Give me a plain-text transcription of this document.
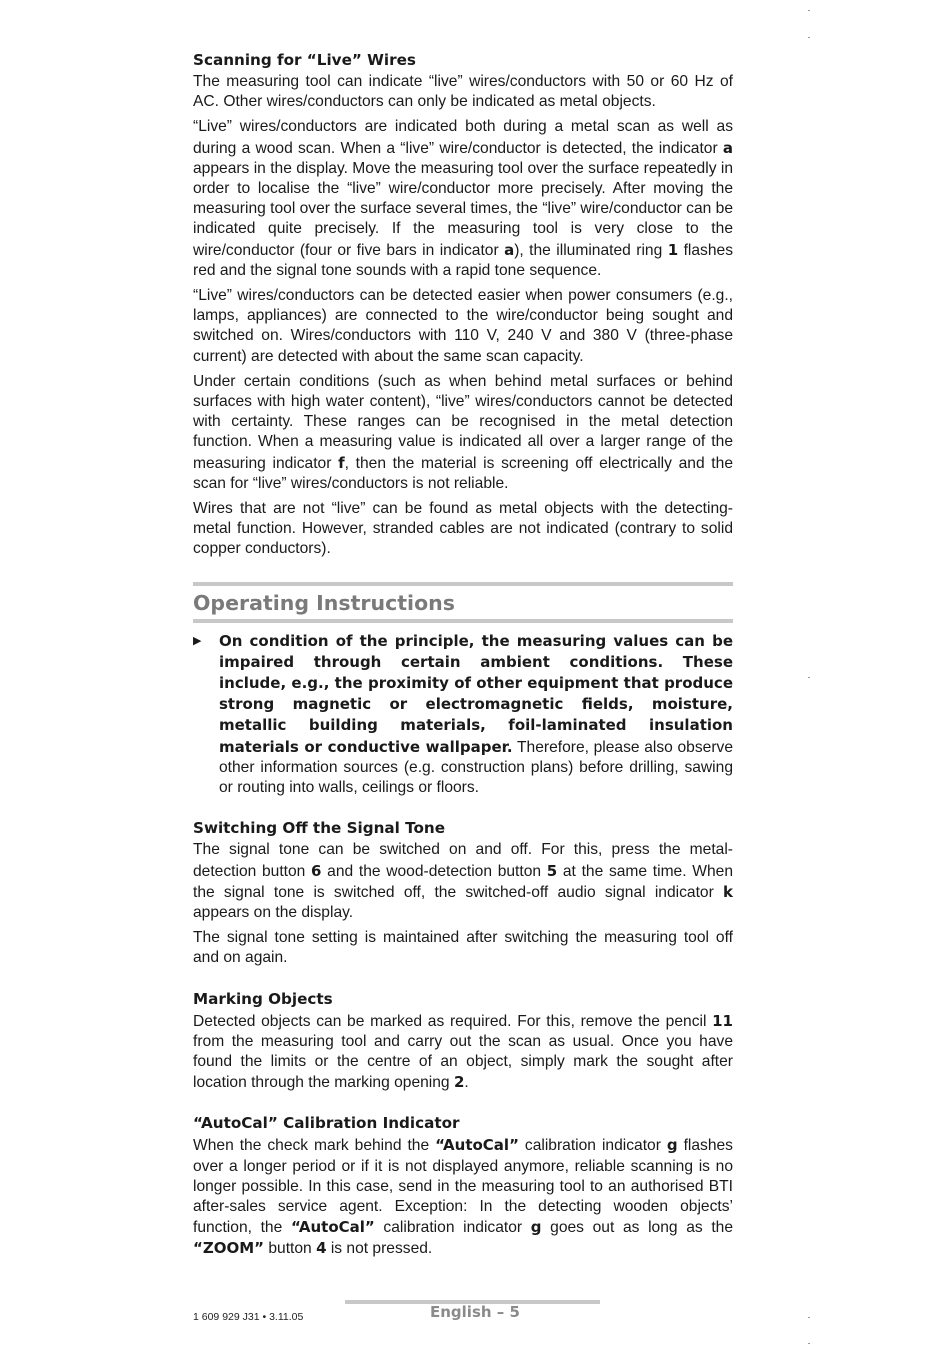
Scanning for “Live” Wires

The measuring tool can indicate “live” wires/conductors with 50 or 60 Hz of AC. Other wires/conductors can only be indicated as metal objects.

“Live” wires/conductors are indicated both during a metal scan as well as during a wood scan. When a “live” wire/conductor is detected, the indicator a appears in the display. Move the measuring tool over the surface repeatedly in order to localise the “live” wire/conductor more precisely. After moving the measuring tool over the surface several times, the “live” wire/conductor can be indicated quite precisely. If the measuring tool is very close to the wire/conductor (four or five bars in indicator a), the illuminated ring 1 flashes red and the signal tone sounds with a rapid tone sequence.

“Live” wires/conductors can be detected easier when power consumers (e.g., lamps, appliances) are connected to the wire/conductor being sought and switched on. Wires/conductors with 110 V, 240 V and 380 V (three-phase current) are detected with about the same scan capacity.

Under certain conditions (such as when behind metal surfaces or behind surfaces with high water content), “live” wires/conductors cannot be detected with certainty. These ranges can be recognised in the metal detection function. When a measuring value is indicated all over a larger range of the measuring indicator f, then the material is screening off electrically and the scan for “live” wires/conductors is not reliable.

Wires that are not “live” can be found as metal objects with the detecting-metal function. However, stranded cables are not indicated (contrary to solid copper conductors).

Operating Instructions
▶	On condition of the principle, the measuring values can be impaired through certain ambient conditions. These include, e.g., the proximity of other equipment that produce strong magnetic or electromagnetic fields, moisture, metallic building materials, foil-laminated insulation materials or conductive wallpaper. Therefore, please also observe other information sources (e.g. construction plans) before drilling, sawing or routing into walls, ceilings or floors.
Switching Off the Signal Tone

The signal tone can be switched on and off. For this, press the metal-detection button 6 and the wood-detection button 5 at the same time. When the signal tone is switched off, the switched-off audio signal indicator k appears on the display.

The signal tone setting is maintained after switching the measuring tool off and on again.

Marking Objects

Detected objects can be marked as required. For this, remove the pencil 11 from the measuring tool and carry out the scan as usual. Once you have found the limits or the centre of an object, simply mark the sought after location through the marking opening 2.

“AutoCal” Calibration Indicator

When the check mark behind the “AutoCal” calibration indicator g flashes over a longer period or if it is not displayed anymore, reliable scanning is no longer possible. In this case, send in the measuring tool to an authorised BTI after-sales service agent. Exception: In the detecting wooden objects’ function, the “AutoCal” calibration indicator g goes out as long as the “ZOOM” button 4 is not pressed.

1 609 929 J31 • 3.11.05	English – 5
